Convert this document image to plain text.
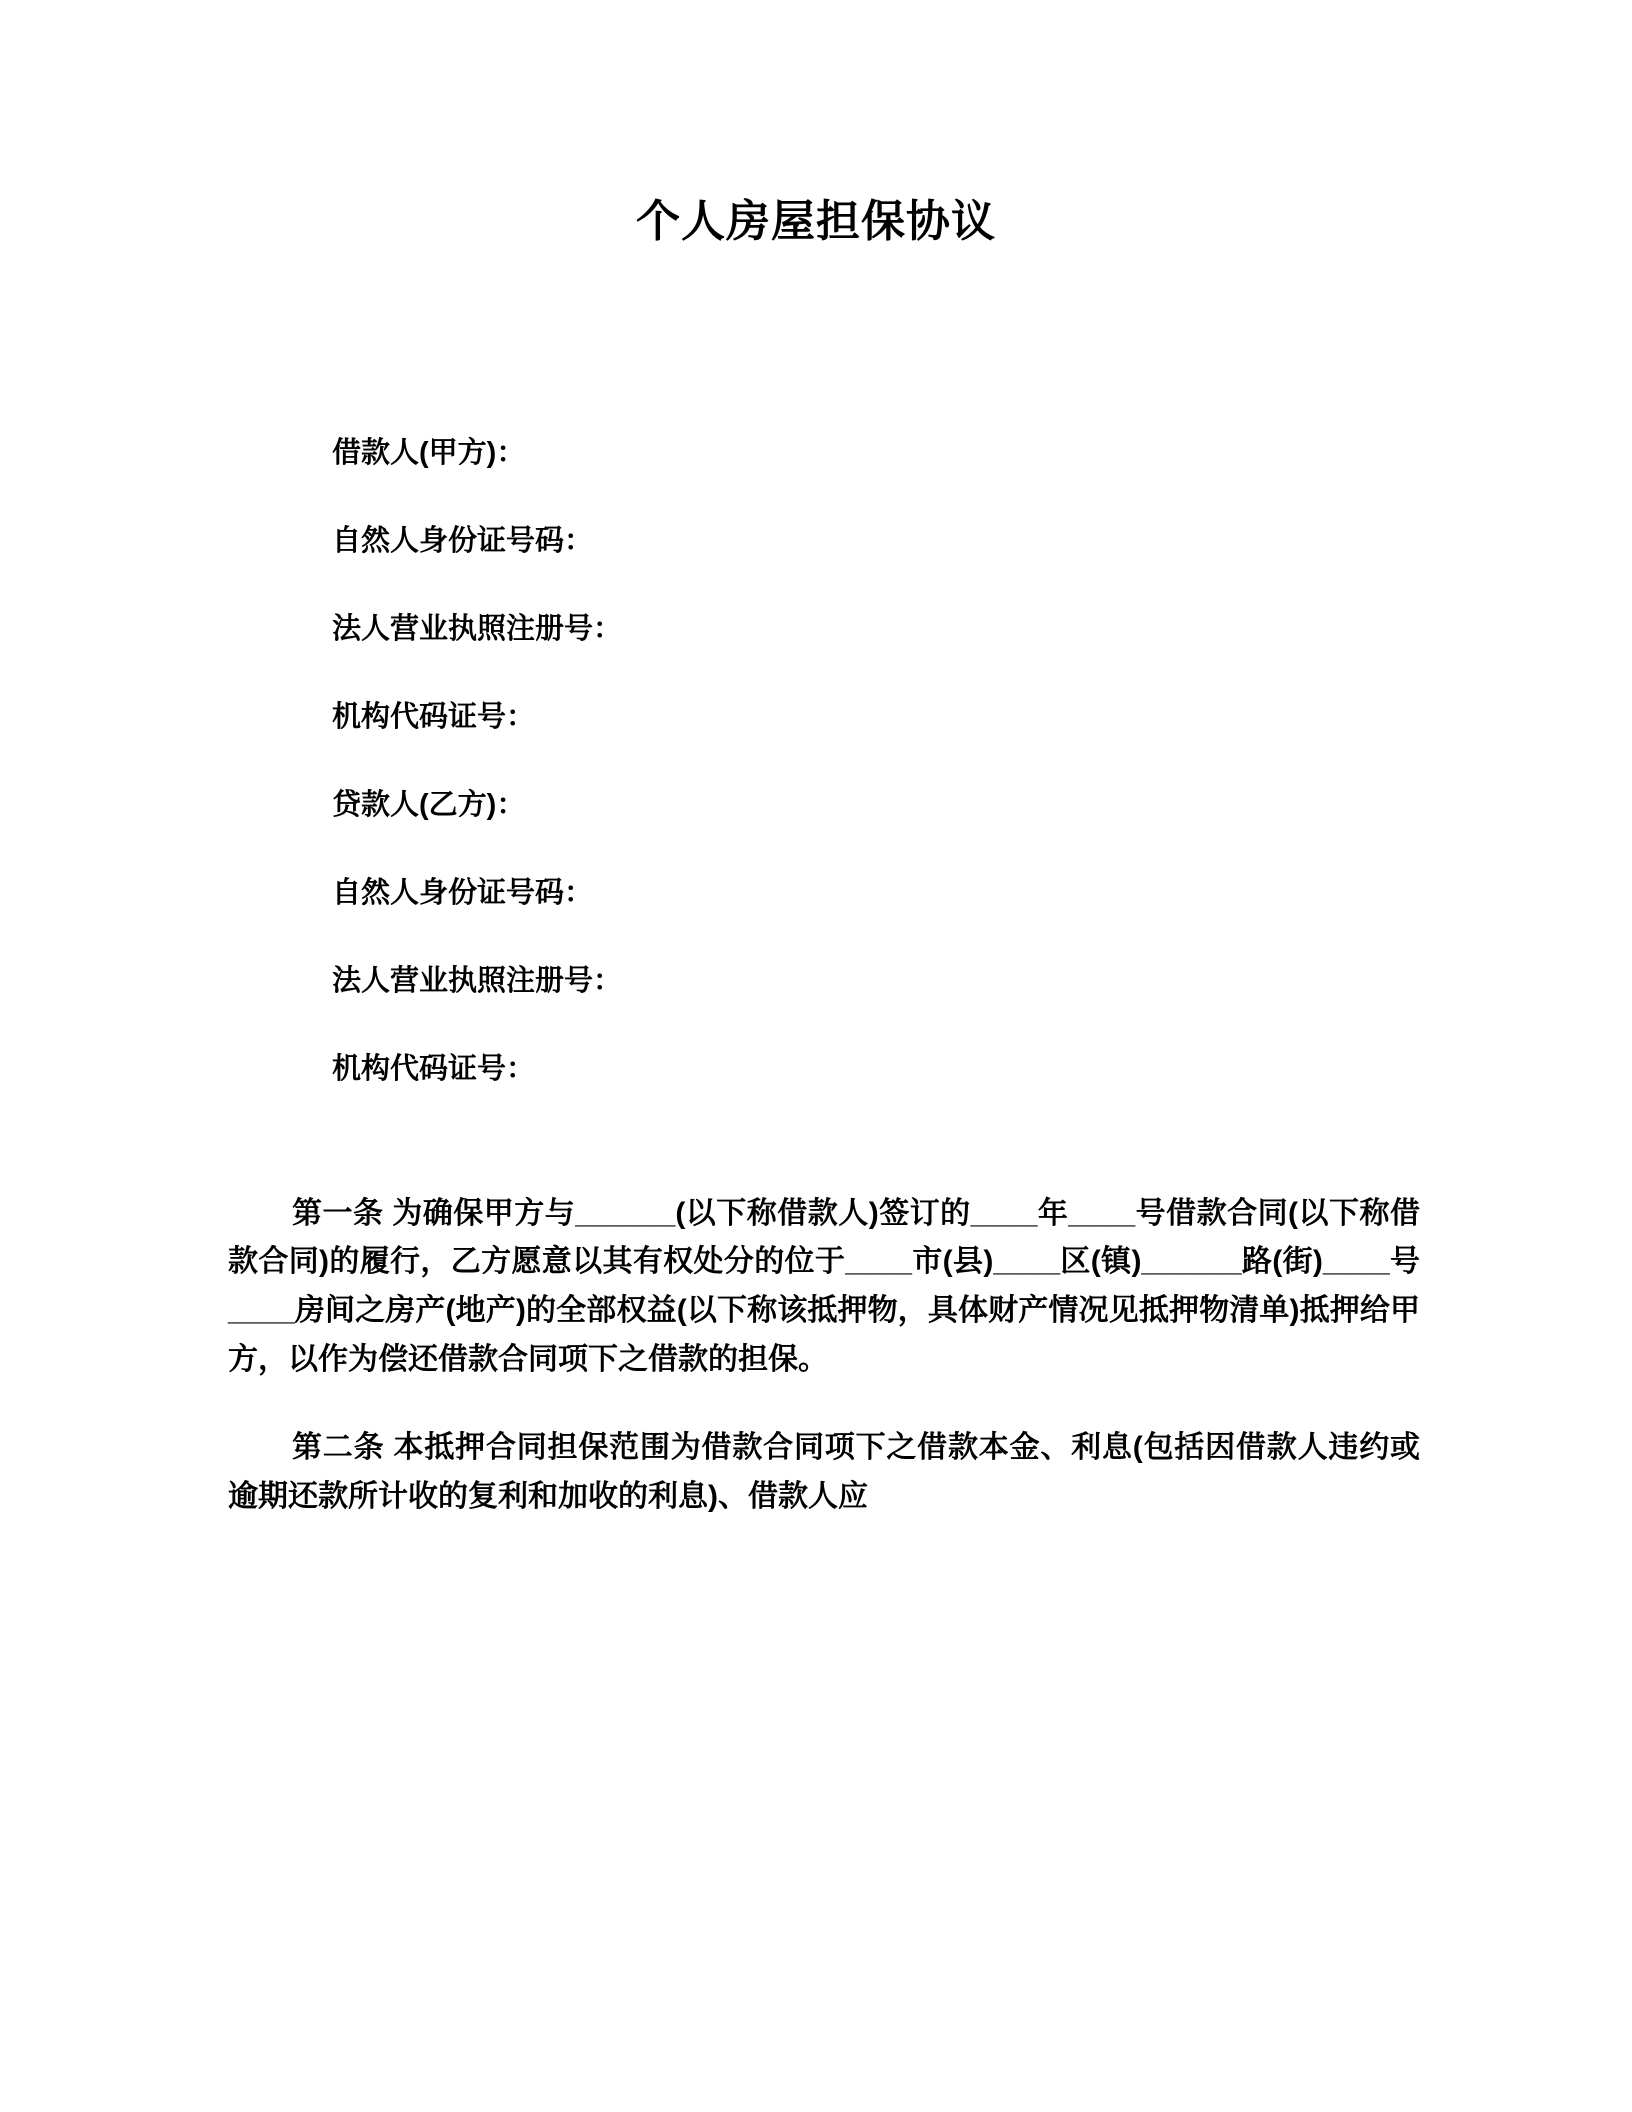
个人房屋担保协议

借款人(甲方)：

自然人身份证号码：

法人营业执照注册号：

机构代码证号：

贷款人(乙方)：

自然人身份证号码：

法人营业执照注册号：

机构代码证号：

第一条 为确保甲方与______(以下称借款人)签订的____年____号借款合同(以下称借款合同)的履行，乙方愿意以其有权处分的位于____市(县)____区(镇)______路(街)____号____房间之房产(地产)的全部权益(以下称该抵押物，具体财产情况见抵押物清单)抵押给甲方，以作为偿还借款合同项下之借款的担保。

第二条 本抵押合同担保范围为借款合同项下之借款本金、利息(包括因借款人违约或逾期还款所计收的复利和加收的利息)、借款人应
